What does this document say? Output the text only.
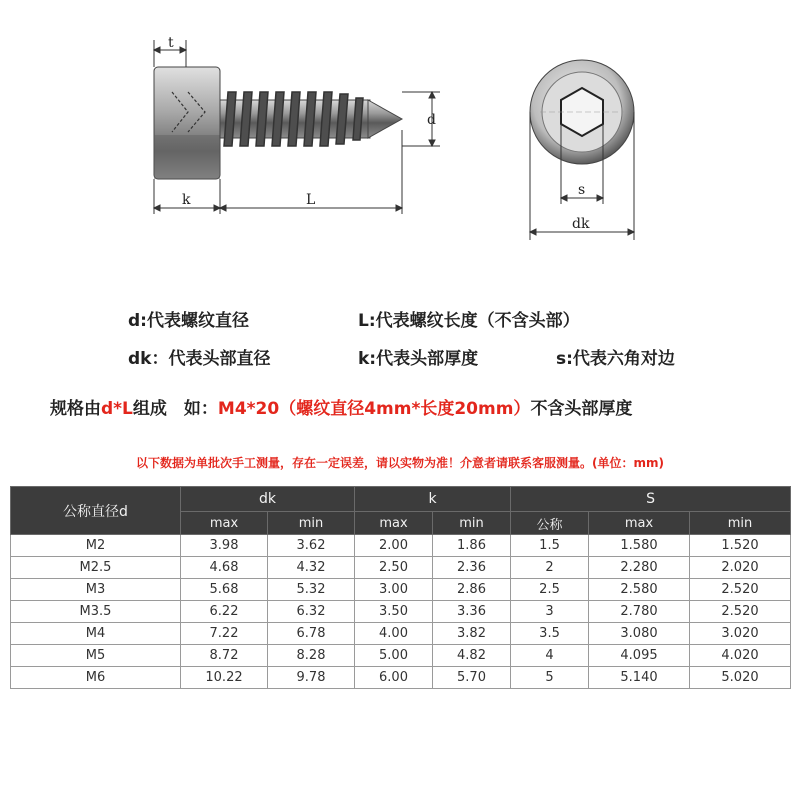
t
d
k	L
s
dk
d:代表螺纹直径	L:代表螺纹长度（不含头部）
dk：代表头部直径	k:代表头部厚度	s:代表六角对边
规格由d*L组成　如：M4*20（螺纹直径4mm*长度20mm）不含头部厚度
以下数据为单批次手工测量，存在一定误差，请以实物为准！介意者请联系客服测量。(单位：mm)
公称直径d	dk		k		S		
	max	min	max	min	公称	max	min
M2	3.98	3.62	2.00	1.86	1.5	1.580	1.520
M2.5	4.68	4.32	2.50	2.36	2	2.280	2.020
M3	5.68	5.32	3.00	2.86	2.5	2.580	2.520
M3.5	6.22	6.32	3.50	3.36	3	2.780	2.520
M4	7.22	6.78	4.00	3.82	3.5	3.080	3.020
M5	8.72	8.28	5.00	4.82	4	4.095	4.020
M6	10.22	9.78	6.00	5.70	5	5.140	5.020
